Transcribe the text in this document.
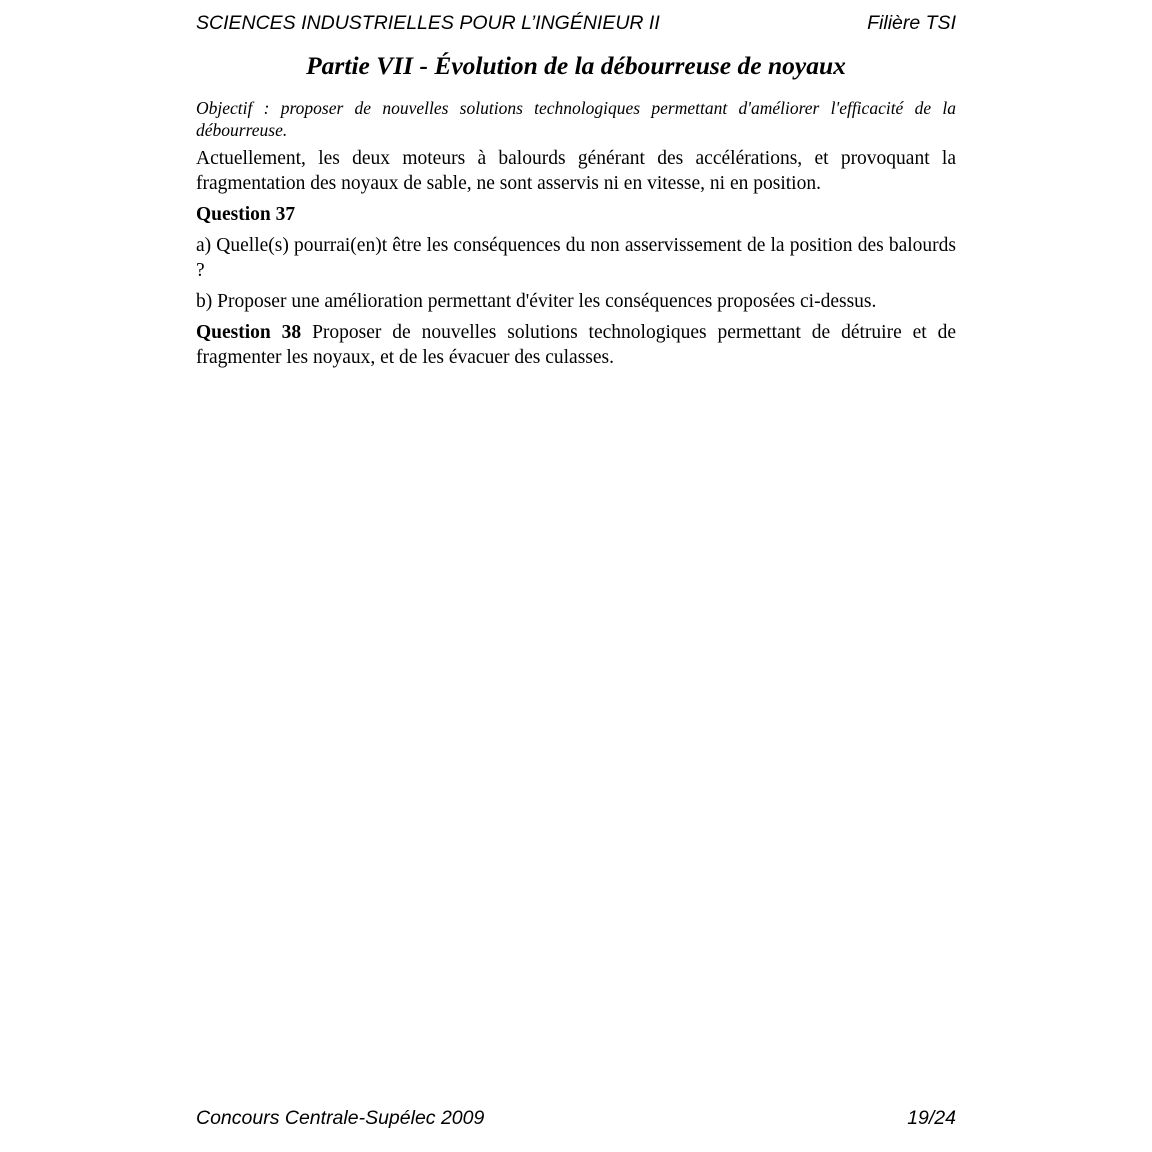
SCIENCES INDUSTRIELLES POUR L’INGÉNIEUR II	Filière TSI
Partie VII - Évolution de la débourreuse de noyaux

Objectif : proposer de nouvelles solutions technologiques permettant d'améliorer l'efficacité de la débourreuse.

Actuellement, les deux moteurs à balourds générant des accélérations, et provoquant la fragmentation des noyaux de sable, ne sont asservis ni en vitesse, ni en position.

Question 37

a) Quelle(s) pourrai(en)t être les conséquences du non asservissement de la position des balourds ?

b) Proposer une amélioration permettant d'éviter les conséquences proposées ci-dessus.

Question 38 Proposer de nouvelles solutions technologiques permettant de détruire et de fragmenter les noyaux, et de les évacuer des culasses.

Concours Centrale-Supélec 2009	19/24
